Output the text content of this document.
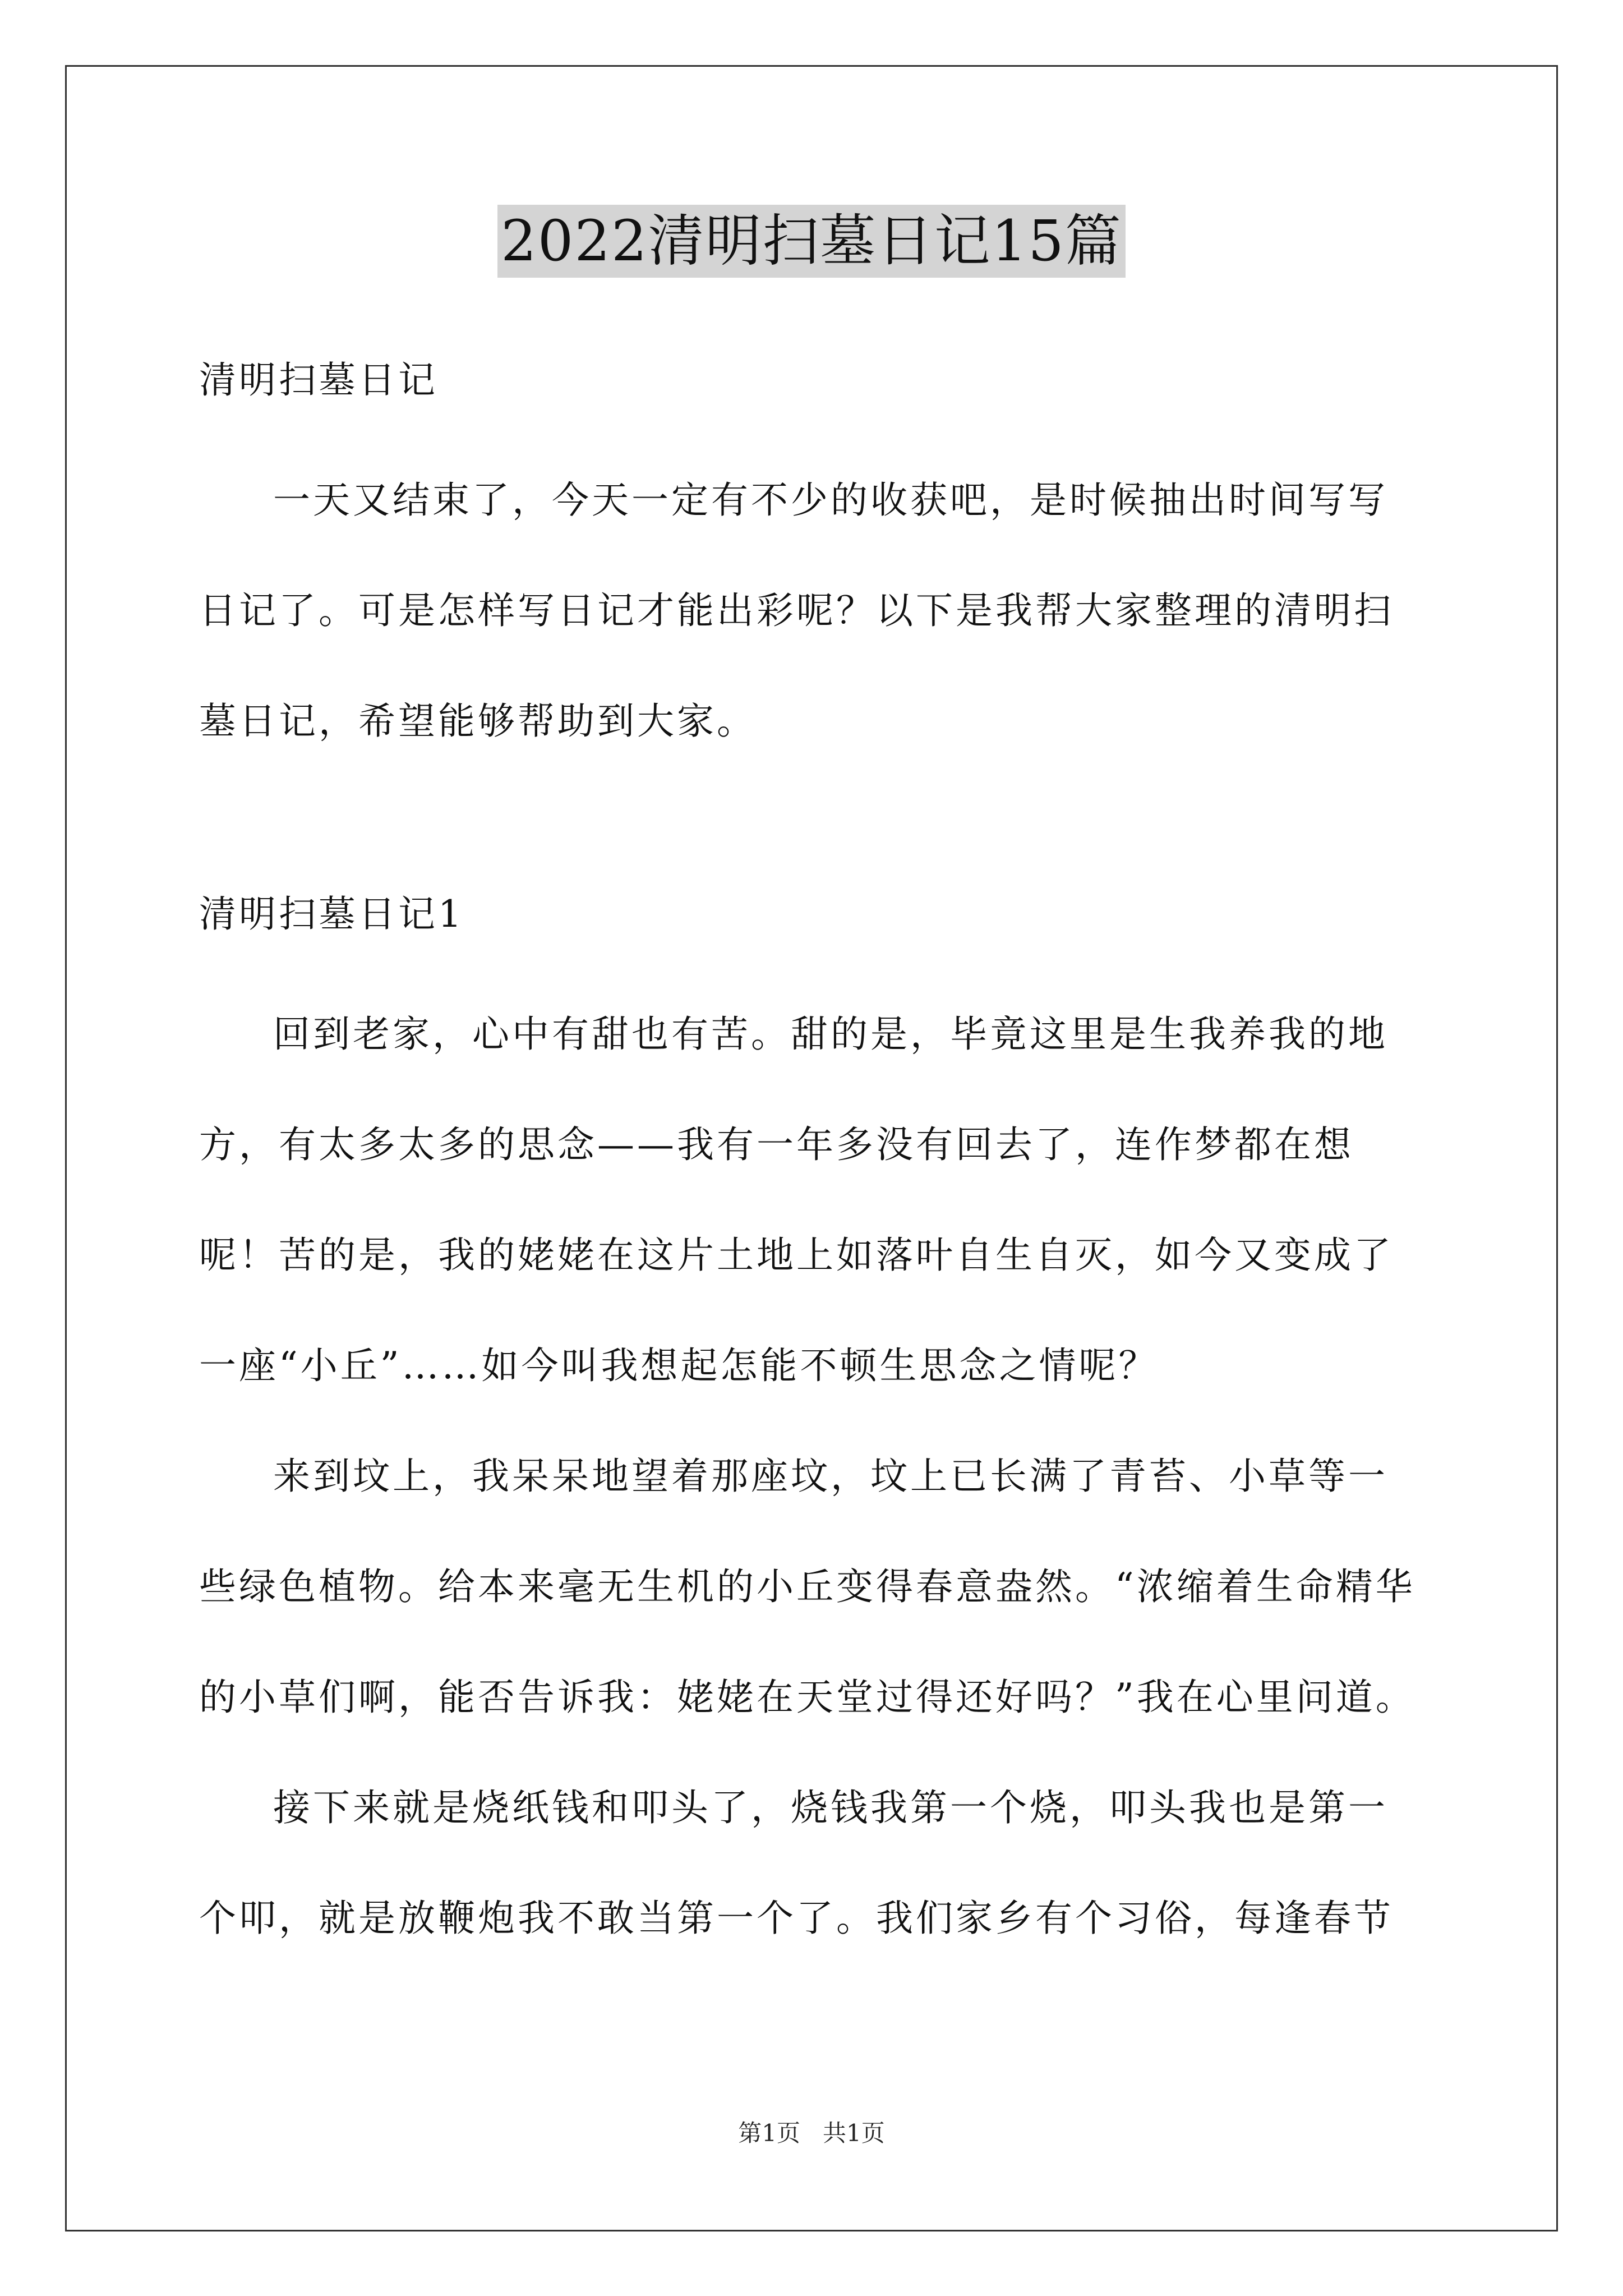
2022清明扫墓日记15篇
清明扫墓日记

一天又结束了，今天一定有不少的收获吧，是时候抽出时间写写日记了。可是怎样写日记才能出彩呢？以下是我帮大家整理的清明扫墓日记，希望能够帮助到大家。

清明扫墓日记1

回到老家，心中有甜也有苦。甜的是，毕竟这里是生我养我的地方，有太多太多的思念——我有一年多没有回去了，连作梦都在想呢！苦的是，我的姥姥在这片土地上如落叶自生自灭，如今又变成了一座“小丘”……如今叫我想起怎能不顿生思念之情呢？

来到坟上，我呆呆地望着那座坟，坟上已长满了青苔、小草等一些绿色植物。给本来毫无生机的小丘变得春意盎然。“浓缩着生命精华的小草们啊，能否告诉我：姥姥在天堂过得还好吗？”我在心里问道。

接下来就是烧纸钱和叩头了，烧钱我第一个烧，叩头我也是第一个叩，就是放鞭炮我不敢当第一个了。我们家乡有个习俗，每逢春节

第1页   共1页
